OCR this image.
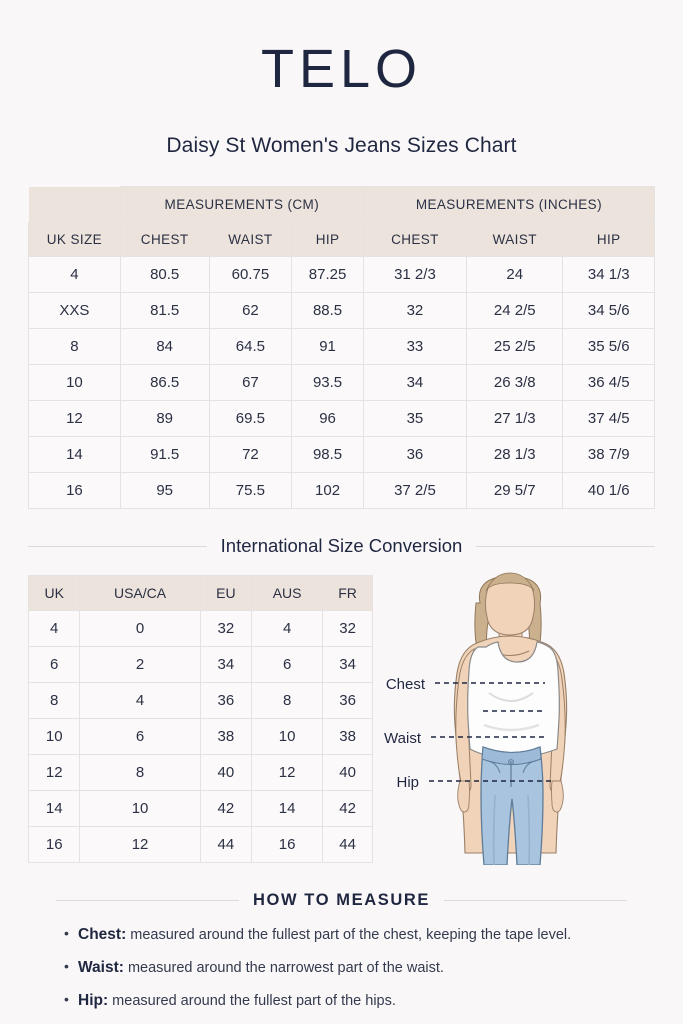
TELO
Daisy St Women's Jeans Sizes Chart
	MEASUREMENTS (CM)			MEASUREMENTS (INCHES)		
UK SIZE	CHEST	WAIST	HIP	CHEST	WAIST	HIP
4	80.5	60.75	87.25	31 2/3	24	34 1/3
XXS	81.5	62	88.5	32	24 2/5	34 5/6
8	84	64.5	91	33	25 2/5	35 5/6
10	86.5	67	93.5	34	26 3/8	36 4/5
12	89	69.5	96	35	27 1/3	37 4/5
14	91.5	72	98.5	36	28 1/3	38 7/9
16	95	75.5	102	37 2/5	29 5/7	40 1/6
International Size Conversion
UK	USA/CA	EU	AUS	FR
4	0	32	4	32
6	2	34	6	34
8	4	36	8	36
10	6	38	10	38
12	8	40	12	40
14	10	42	14	42
16	12	44	16	44
Chest
Waist
Hip
HOW TO MEASURE
• Chest: measured around the fullest part of the chest, keeping the tape level.
• Waist: measured around the narrowest part of the waist.
• Hip: measured around the fullest part of the hips.
